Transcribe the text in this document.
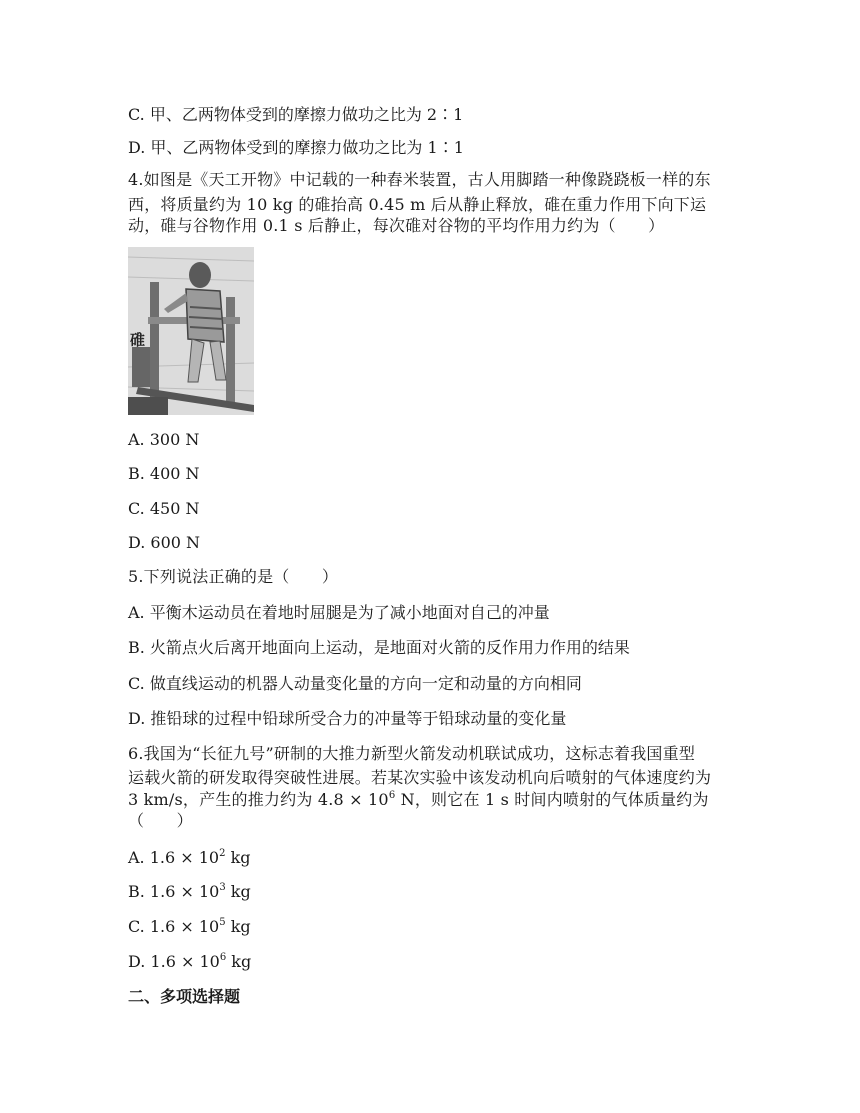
C. 甲、乙两物体受到的摩擦力做功之比为 2∶1
D. 甲、乙两物体受到的摩擦力做功之比为 1∶1
4.如图是《天工开物》中记载的一种舂米装置，古人用脚踏一种像跷跷板一样的东
西，将质量约为 10 kg 的碓抬高 0.45 m 后从静止释放，碓在重力作用下向下运
动，碓与谷物作用 0.1 s 后静止，每次碓对谷物的平均作用力约为（　　）
碓
A. 300 N
B. 400 N
C. 450 N
D. 600 N
5.下列说法正确的是（　　）
A. 平衡木运动员在着地时屈腿是为了减小地面对自己的冲量
B. 火箭点火后离开地面向上运动，是地面对火箭的反作用力作用的结果
C. 做直线运动的机器人动量变化量的方向一定和动量的方向相同
D. 推铅球的过程中铅球所受合力的冲量等于铅球动量的变化量
6.我国为“长征九号”研制的大推力新型火箭发动机联试成功，这标志着我国重型
运载火箭的研发取得突破性进展。若某次实验中该发动机向后喷射的气体速度约为
3 km/s，产生的推力约为 $4.8 \times 10^6$ N，则它在 1 s 时间内喷射的气体质量约为
（　　）
A. $1.6 \times 10^2$ kg
B. $1.6 \times 10^3$ kg
C. $1.6 \times 10^5$ kg
D. $1.6 \times 10^6$ kg
二、多项选择题
